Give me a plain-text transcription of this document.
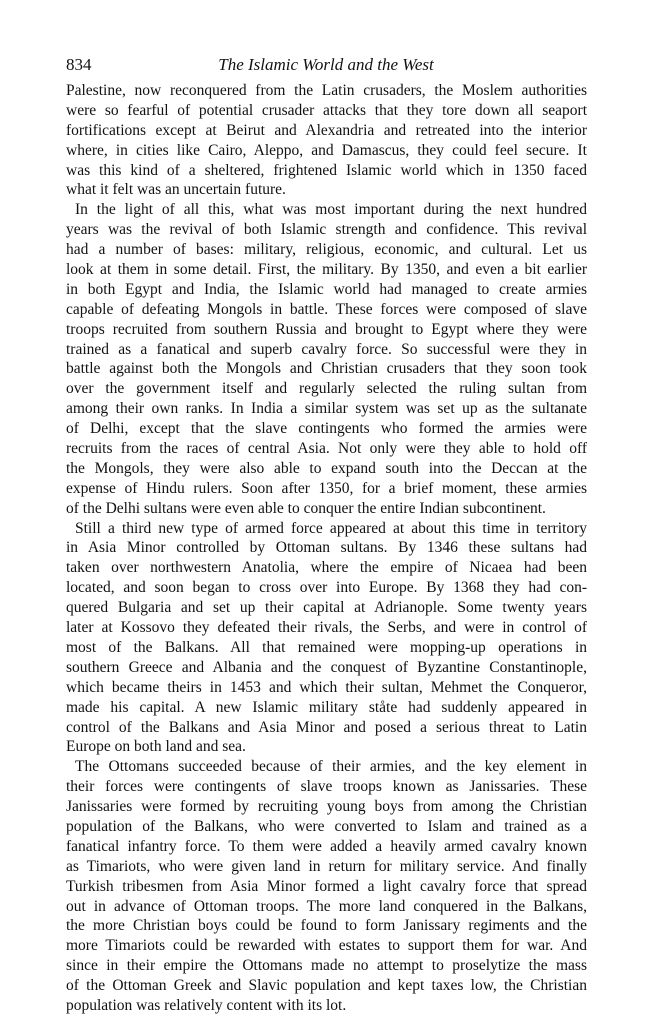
834	The Islamic World and the West
Palestine, now reconquered from the Latin crusaders, the Moslem authorities
were so fearful of potential crusader attacks that they tore down all seaport
fortifications except at Beirut and Alexandria and retreated into the interior
where, in cities like Cairo, Aleppo, and Damascus, they could feel secure. It
was this kind of a sheltered, frightened Islamic world which in 1350 faced
what it felt was an uncertain future.
In the light of all this, what was most important during the next hundred
years was the revival of both Islamic strength and confidence. This revival
had a number of bases: military, religious, economic, and cultural. Let us
look at them in some detail. First, the military. By 1350, and even a bit earlier
in both Egypt and India, the Islamic world had managed to create armies
capable of defeating Mongols in battle. These forces were composed of slave
troops recruited from southern Russia and brought to Egypt where they were
trained as a fanatical and superb cavalry force. So successful were they in
battle against both the Mongols and Christian crusaders that they soon took
over the government itself and regularly selected the ruling sultan from
among their own ranks. In India a similar system was set up as the sultanate
of Delhi, except that the slave contingents who formed the armies were
recruits from the races of central Asia. Not only were they able to hold off
the Mongols, they were also able to expand south into the Deccan at the
expense of Hindu rulers. Soon after 1350, for a brief moment, these armies
of the Delhi sultans were even able to conquer the entire Indian subcontinent.
Still a third new type of armed force appeared at about this time in territory
in Asia Minor controlled by Ottoman sultans. By 1346 these sultans had
taken over northwestern Anatolia, where the empire of Nicaea had been
located, and soon began to cross over into Europe. By 1368 they had con-
quered Bulgaria and set up their capital at Adrianople. Some twenty years
later at Kossovo they defeated their rivals, the Serbs, and were in control of
most of the Balkans. All that remained were mopping-up operations in
southern Greece and Albania and the conquest of Byzantine Constantinople,
which became theirs in 1453 and which their sultan, Mehmet the Conqueror,
made his capital. A new Islamic military ståte had suddenly appeared in
control of the Balkans and Asia Minor and posed a serious threat to Latin
Europe on both land and sea.
The Ottomans succeeded because of their armies, and the key element in
their forces were contingents of slave troops known as Janissaries. These
Janissaries were formed by recruiting young boys from among the Christian
population of the Balkans, who were converted to Islam and trained as a
fanatical infantry force. To them were added a heavily armed cavalry known
as Timariots, who were given land in return for military service. And finally
Turkish tribesmen from Asia Minor formed a light cavalry force that spread
out in advance of Ottoman troops. The more land conquered in the Balkans,
the more Christian boys could be found to form Janissary regiments and the
more Timariots could be rewarded with estates to support them for war. And
since in their empire the Ottomans made no attempt to proselytize the mass
of the Ottoman Greek and Slavic population and kept taxes low, the Christian
population was relatively content with its lot.
